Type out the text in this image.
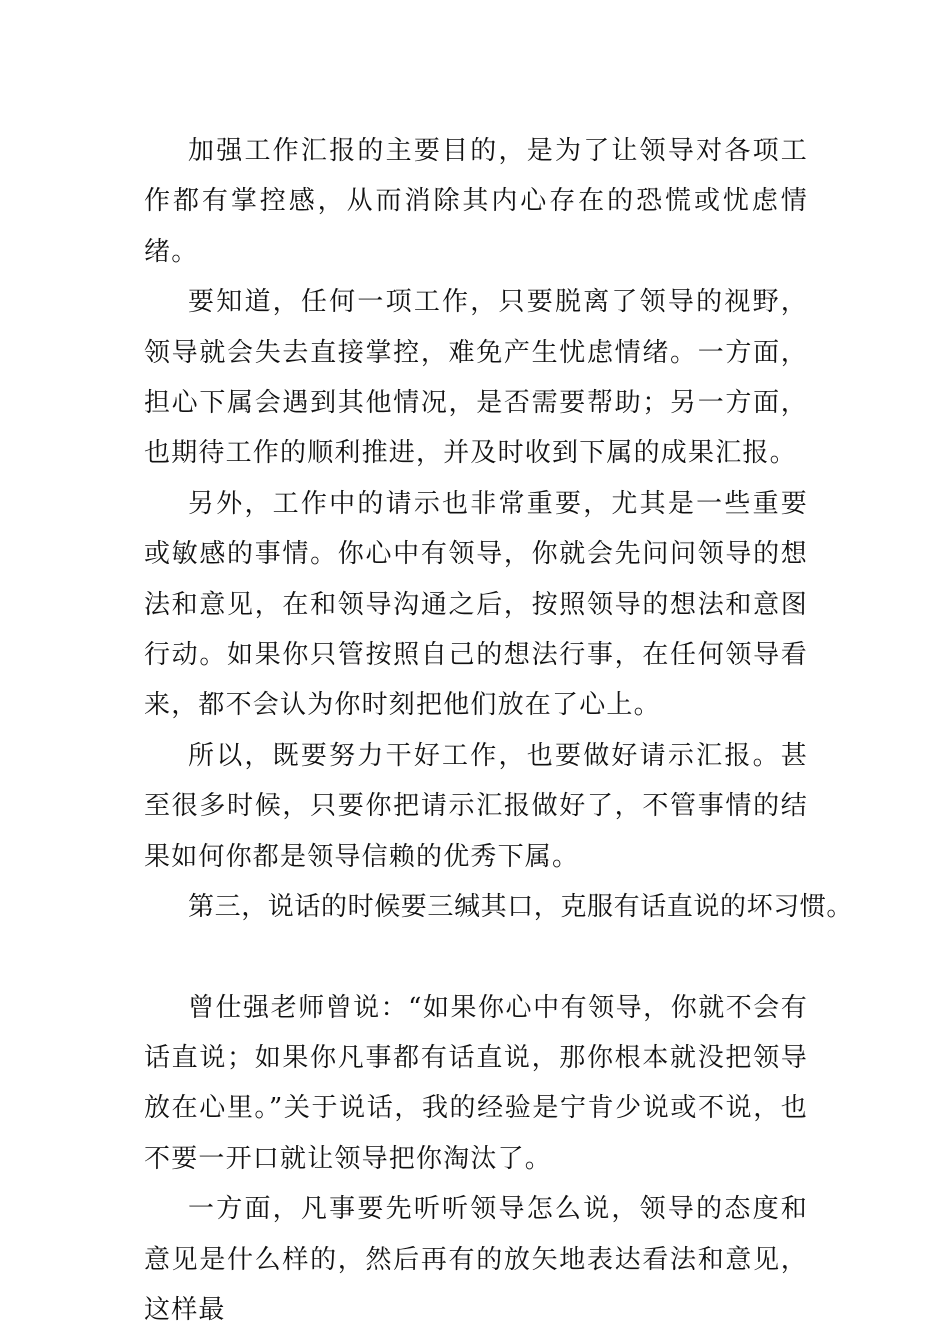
加强工作汇报的主要目的，是为了让领导对各项工作都有掌控感，从而消除其内心存在的恐慌或忧虑情绪。

要知道，任何一项工作，只要脱离了领导的视野，领导就会失去直接掌控，难免产生忧虑情绪。一方面，担心下属会遇到其他情况，是否需要帮助；另一方面，也期待工作的顺利推进，并及时收到下属的成果汇报。

另外，工作中的请示也非常重要，尤其是一些重要或敏感的事情。你心中有领导，你就会先问问领导的想法和意见，在和领导沟通之后，按照领导的想法和意图行动。如果你只管按照自己的想法行事，在任何领导看来，都不会认为你时刻把他们放在了心上。

所以，既要努力干好工作，也要做好请示汇报。甚至很多时候，只要你把请示汇报做好了，不管事情的结果如何你都是领导信赖的优秀下属。

第三，说话的时候要三缄其口，克服有话直说的坏习惯。

曾仕强老师曾说：“如果你心中有领导，你就不会有话直说；如果你凡事都有话直说，那你根本就没把领导放在心里。”关于说话，我的经验是宁肯少说或不说，也不要一开口就让领导把你淘汰了。

一方面，凡事要先听听领导怎么说，领导的态度和意见是什么样的，然后再有的放矢地表达看法和意见，这样最
